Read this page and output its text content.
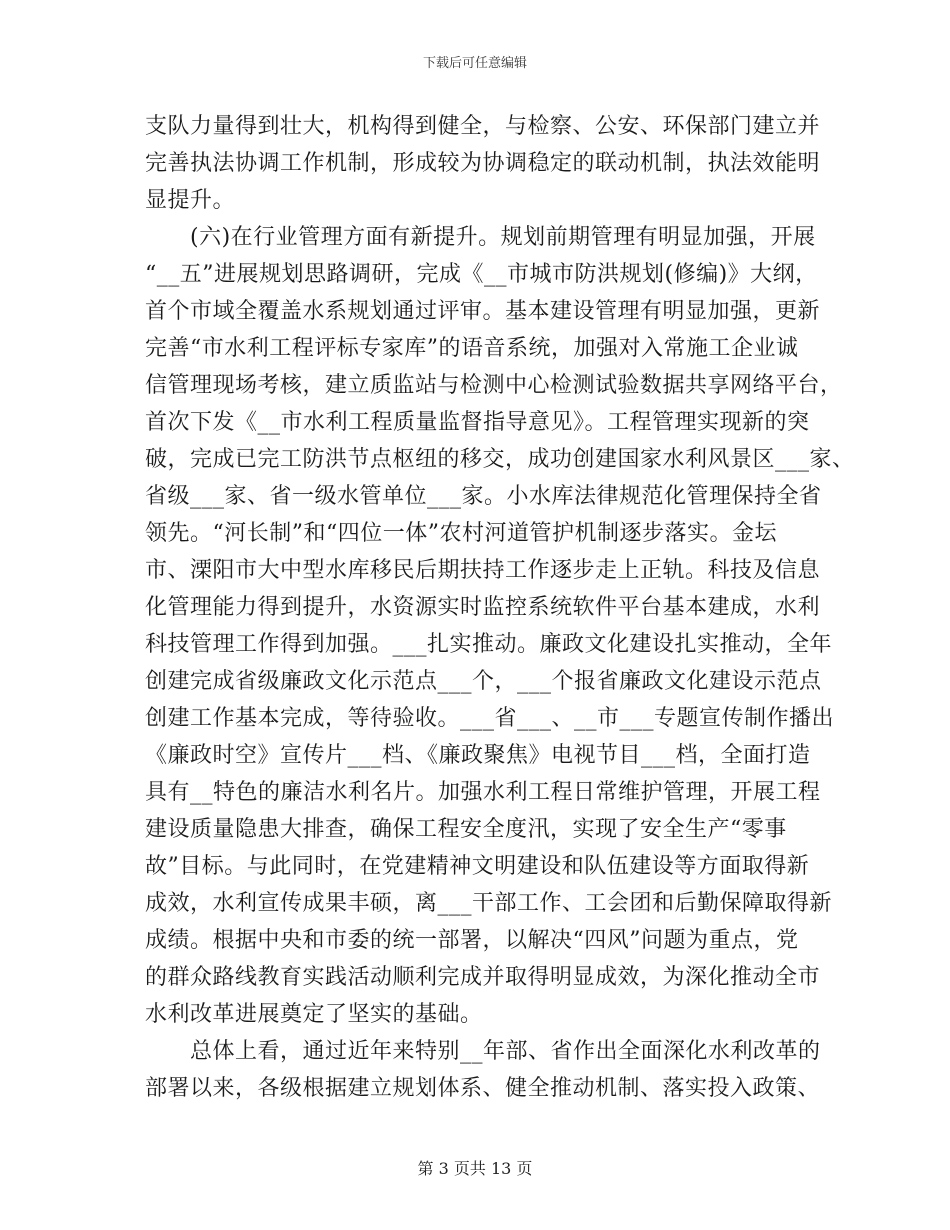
下载后可任意编辑
支队力量得到壮大，机构得到健全，与检察、公安、环保部门建立并
完善执法协调工作机制，形成较为协调稳定的联动机制，执法效能明
显提升。
　　(六)在行业管理方面有新提升。规划前期管理有明显加强，开展
“__五”进展规划思路调研，完成《__市城市防洪规划(修编)》大纲，
首个市域全覆盖水系规划通过评审。基本建设管理有明显加强，更新
完善“市水利工程评标专家库”的语音系统，加强对入常施工企业诚
信管理现场考核，建立质监站与检测中心检测试验数据共享网络平台，
首次下发《__市水利工程质量监督指导意见》。工程管理实现新的突
破，完成已完工防洪节点枢纽的移交，成功创建国家水利风景区___家、
省级___家、省一级水管单位___家。小水库法律规范化管理保持全省
领先。“河长制”和“四位一体”农村河道管护机制逐步落实。金坛
市、溧阳市大中型水库移民后期扶持工作逐步走上正轨。科技及信息
化管理能力得到提升，水资源实时监控系统软件平台基本建成，水利
科技管理工作得到加强。___扎实推动。廉政文化建设扎实推动，全年
创建完成省级廉政文化示范点___个，___个报省廉政文化建设示范点
创建工作基本完成，等待验收。___省___、__市___专题宣传制作播出
《廉政时空》宣传片___档、《廉政聚焦》电视节目___档，全面打造
具有__特色的廉洁水利名片。加强水利工程日常维护管理，开展工程
建设质量隐患大排查，确保工程安全度汛，实现了安全生产“零事
故”目标。与此同时，在党建精神文明建设和队伍建设等方面取得新
成效，水利宣传成果丰硕，离___干部工作、工会团和后勤保障取得新
成绩。根据中央和市委的统一部署，以解决“四风”问题为重点，党
的群众路线教育实践活动顺利完成并取得明显成效，为深化推动全市
水利改革进展奠定了坚实的基础。
　　总体上看，通过近年来特别__年部、省作出全面深化水利改革的
部署以来，各级根据建立规划体系、健全推动机制、落实投入政策、
第 3 页共 13 页
